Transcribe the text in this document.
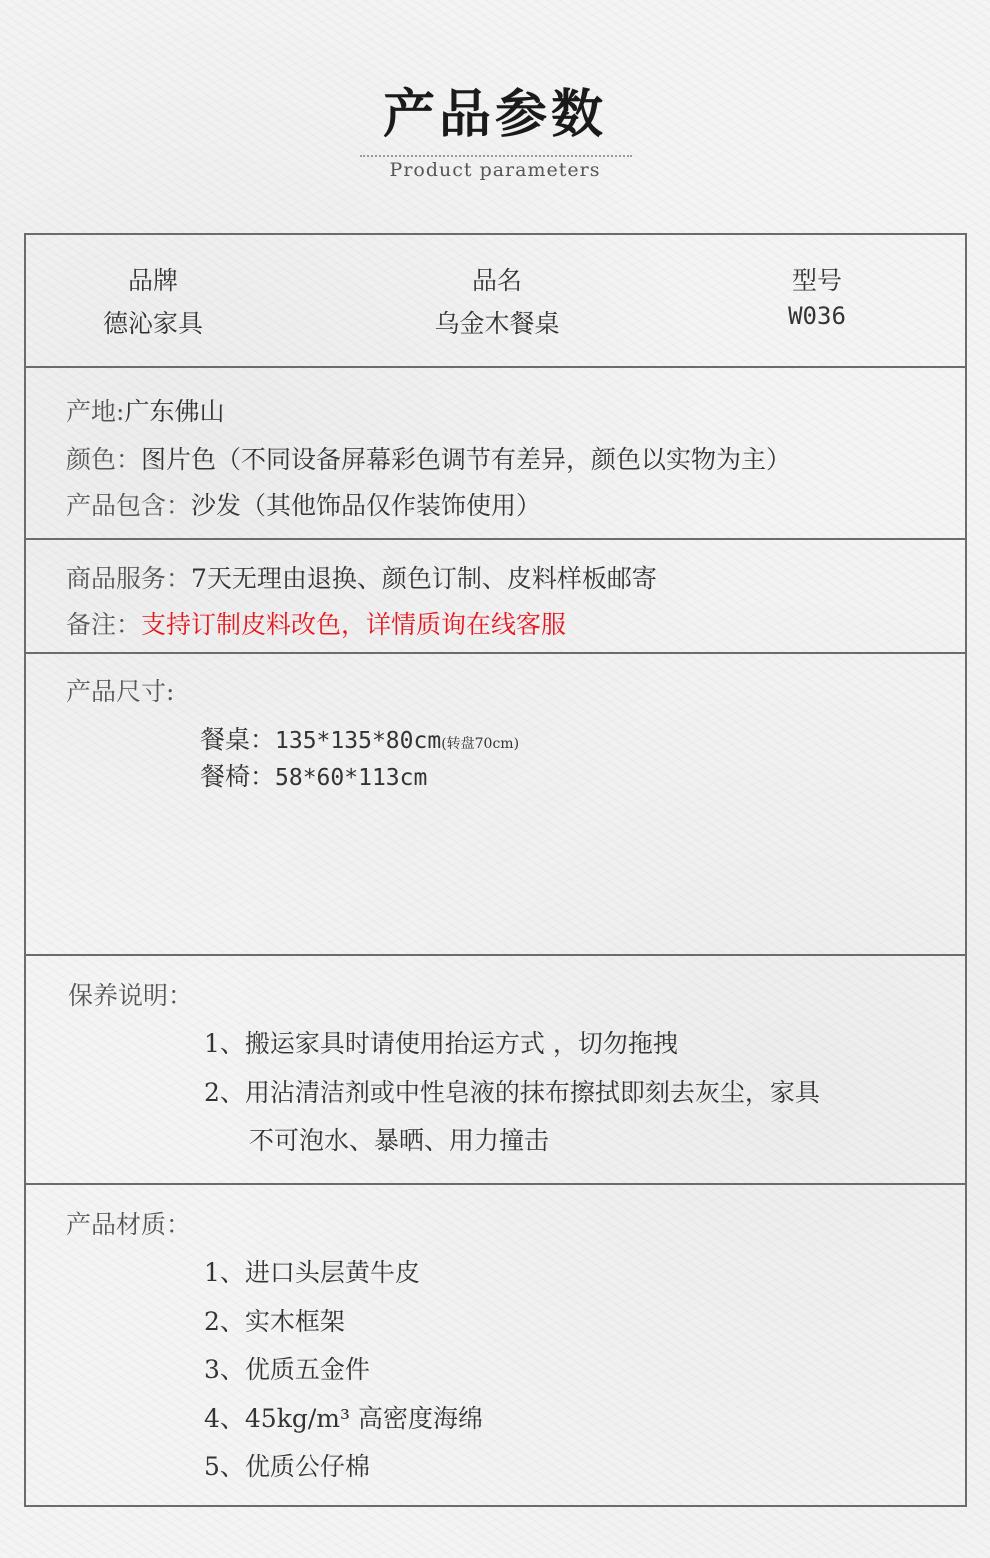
产品参数
Product parameters
品牌
德沁家具
品名
乌金木餐桌
型号
W036
产地:广东佛山
颜色：图片色（不同设备屏幕彩色调节有差异，颜色以实物为主）
产品包含：沙发（其他饰品仅作装饰使用）
商品服务：7天无理由退换、颜色订制、皮料样板邮寄
备注：支持订制皮料改色，详情质询在线客服
产品尺寸:
餐桌：135*135*80cm(转盘70cm)
餐椅：58*60*113cm
保养说明：
1、搬运家具时请使用抬运方式 ，切勿拖拽
2、用沾清洁剂或中性皂液的抹布擦拭即刻去灰尘，家具
不可泡水、暴晒、用力撞击
产品材质：
1、进口头层黄牛皮
2、实木框架
3、优质五金件
4、45kg/m³ 高密度海绵
5、优质公仔棉
